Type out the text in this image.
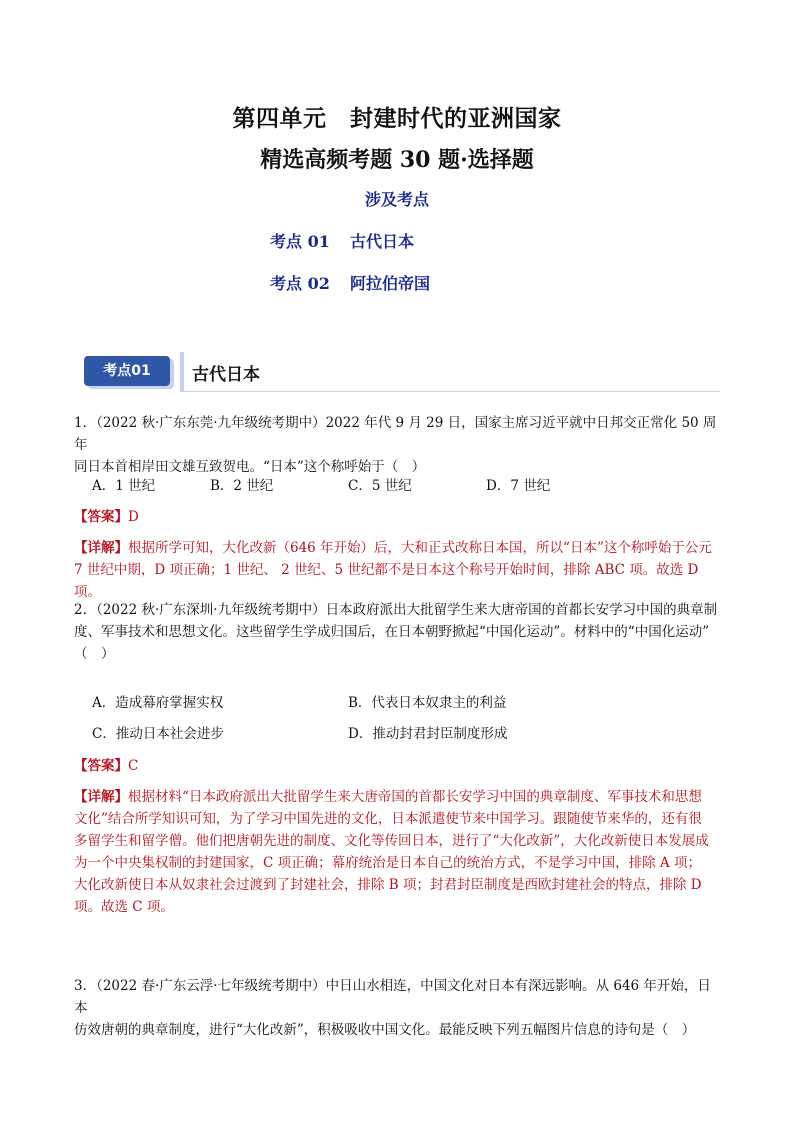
第四单元　封建时代的亚洲国家
精选高频考题 30 题·选择题
涉及考点
考点 01 古代日本
考点 02 阿拉伯帝国
考点01	古代日本
1．（2022 秋·广东东莞·九年级统考期中）2022 年代 9 月 29 日，国家主席习近平就中日邦交正常化 50 周年
同日本首相岸田文雄互致贺电。“日本”这个称呼始于（　）
A．1 世纪	B．2 世纪	C．5 世纪	D．7 世纪
【答案】D
【详解】根据所学可知，大化改新（646 年开始）后，大和正式改称日本国，所以“日本”这个称呼始于公元
7 世纪中期，D 项正确；1 世纪、 2 世纪、5 世纪都不是日本这个称号开始时间，排除 ABC 项。故选 D 项。
2．（2022 秋·广东深圳·九年级统考期中）日本政府派出大批留学生来大唐帝国的首都长安学习中国的典章制
度、军事技术和思想文化。这些留学生学成归国后，在日本朝野掀起“中国化运动”。材料中的“中国化运动”
（　）
A．造成幕府掌握实权	B．代表日本奴隶主的利益
C．推动日本社会进步	D．推动封君封臣制度形成
【答案】C
【详解】根据材料“日本政府派出大批留学生来大唐帝国的首都长安学习中国的典章制度、军事技术和思想
文化”结合所学知识可知，为了学习中国先进的文化，日本派遣使节来中国学习。跟随使节来华的，还有很
多留学生和留学僧。他们把唐朝先进的制度、文化等传回日本，进行了“大化改新”，大化改新使日本发展成
为一个中央集权制的封建国家，C 项正确；幕府统治是日本自己的统治方式，不是学习中国，排除 A 项；
大化改新使日本从奴隶社会过渡到了封建社会，排除 B 项；封君封臣制度是西欧封建社会的特点，排除 D
项。故选 C 项。
3．（2022 春·广东云浮·七年级统考期中）中日山水相连，中国文化对日本有深远影响。从 646 年开始，日本
仿效唐朝的典章制度，进行“大化改新”，积极吸收中国文化。最能反映下列五幅图片信息的诗句是（　）
